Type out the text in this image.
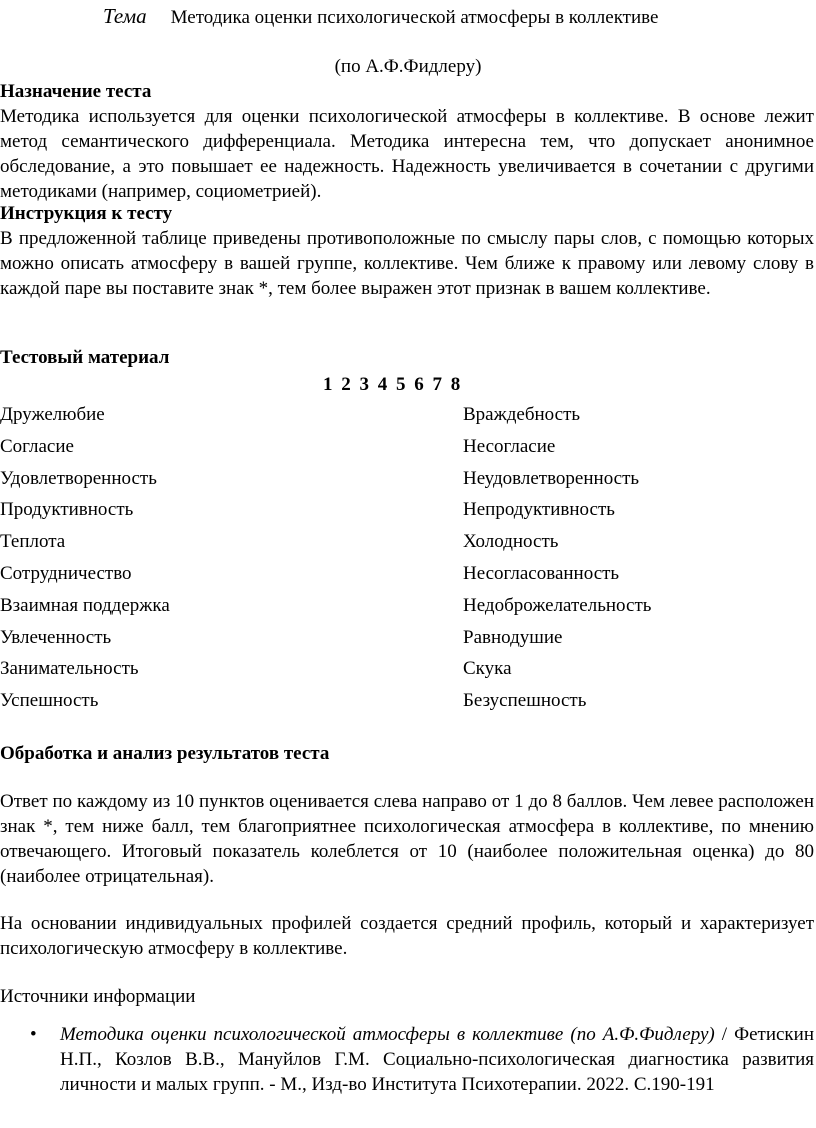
Тема Методика оценки психологической атмосферы в коллективе
(по А.Ф.Фидлеру)
Назначение теста
Методика используется для оценки психологической атмосферы в коллективе. В основе лежит метод семантического дифференциала. Методика интересна тем, что допускает анонимное обследование, а это повышает ее надежность. Надежность увеличивается в сочетании с другими методиками (например, социометрией).
Инструкция к тесту
В предложенной таблице приведены противоположные по смыслу пары слов, с помощью которых можно описать атмосферу в вашей группе, коллективе. Чем ближе к правому или левому слову в каждой паре вы поставите знак *, тем более выражен этот признак в вашем коллективе.
Тестовый материал
1 2 3 4 5 6 7 8
Дружелюбие	Враждебность
Согласие	Несогласие
Удовлетворенность	Неудовлетворенность
Продуктивность	Непродуктивность
Теплота	Холодность
Сотрудничество	Несогласованность
Взаимная поддержка	Недоброжелательность
Увлеченность	Равнодушие
Занимательность	Скука
Успешность	Безуспешность
Обработка и анализ результатов теста
Ответ по каждому из 10 пунктов оценивается слева направо от 1 до 8 баллов. Чем левее расположен знак *, тем ниже балл, тем благоприятнее психологическая атмосфера в коллективе, по мнению отвечающего. Итоговый показатель колеблется от 10 (наиболее положительная оценка) до 80 (наиболее отрицательная).
На основании индивидуальных профилей создается средний профиль, который и характеризует психологическую атмосферу в коллективе.
Источники информации
• Методика оценки психологической атмосферы в коллективе (по А.Ф.Фидлеру) / Фетискин Н.П., Козлов В.В., Мануйлов Г.М. Социально-психологическая диагностика развития личности и малых групп. - М., Изд-во Института Психотерапии. 2022. С.190-191
